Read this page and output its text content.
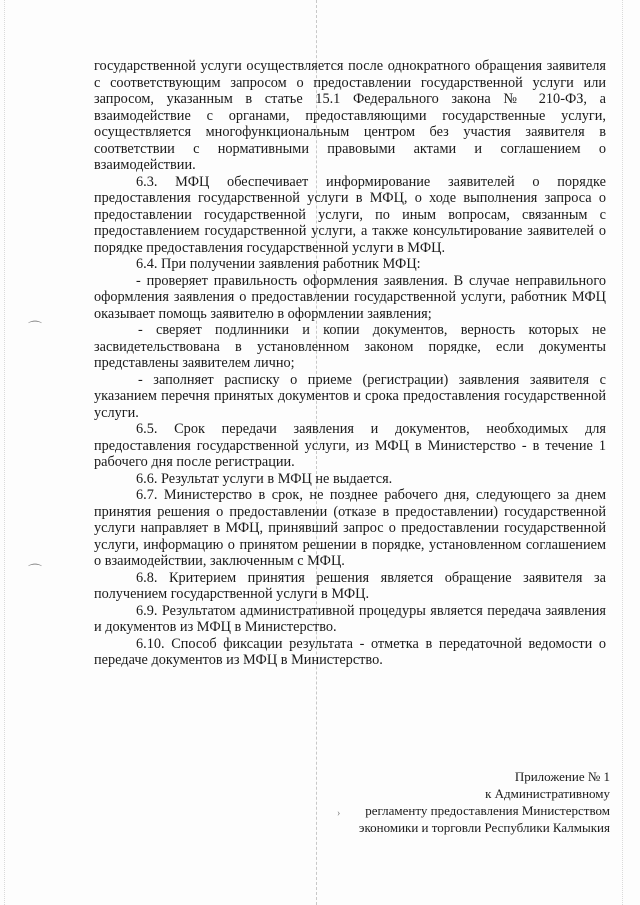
⌒
⌒
›

государственной услуги осуществляется после однократного обращения заявителя с соответствующим запросом о предоставлении государственной услуги или запросом, указанным в статье 15.1 Федерального закона № 210-ФЗ, а взаимодействие с органами, предоставляющими государственные услуги, осуществляется многофункциональным центром без участия заявителя в соответствии с нормативными правовыми актами и соглашением о взаимодействии.

6.3. МФЦ обеспечивает информирование заявителей о порядке предоставления государственной услуги в МФЦ, о ходе выполнения запроса о предоставлении государственной услуги, по иным вопросам, связанным с предоставлением государственной услуги, а также консультирование заявителей о порядке предоставления государственной услуги в МФЦ.

6.4. При получении заявления работник МФЦ:

- проверяет правильность оформления заявления. В случае неправильного оформления заявления о предоставлении государственной услуги, работник МФЦ оказывает помощь заявителю в оформлении заявления;

- сверяет подлинники и копии документов, верность которых не засвидетельствована в установленном законом порядке, если документы представлены заявителем лично;

- заполняет расписку о приеме (регистрации) заявления заявителя с указанием перечня принятых документов и срока предоставления государственной услуги.

6.5. Срок передачи заявления и документов, необходимых для предоставления государственной услуги, из МФЦ в Министерство - в течение 1 рабочего дня после регистрации.

6.6. Результат услуги в МФЦ не выдается.

6.7. Министерство в срок, не позднее рабочего дня, следующего за днем принятия решения о предоставлении (отказе в предоставлении) государственной услуги направляет в МФЦ, принявший запрос о предоставлении государственной услуги, информацию о принятом решении в порядке, установленном соглашением о взаимодействии, заключенным с МФЦ.

6.8. Критерием принятия решения является обращение заявителя за получением государственной услуги в МФЦ.

6.9. Результатом административной процедуры является передача заявления и документов из МФЦ в Министерство.

6.10. Способ фиксации результата - отметка в передаточной ведомости о передаче документов из МФЦ в Министерство.

Приложение № 1
к Административному
регламенту предоставления Министерством
экономики и торговли Республики Калмыкия
